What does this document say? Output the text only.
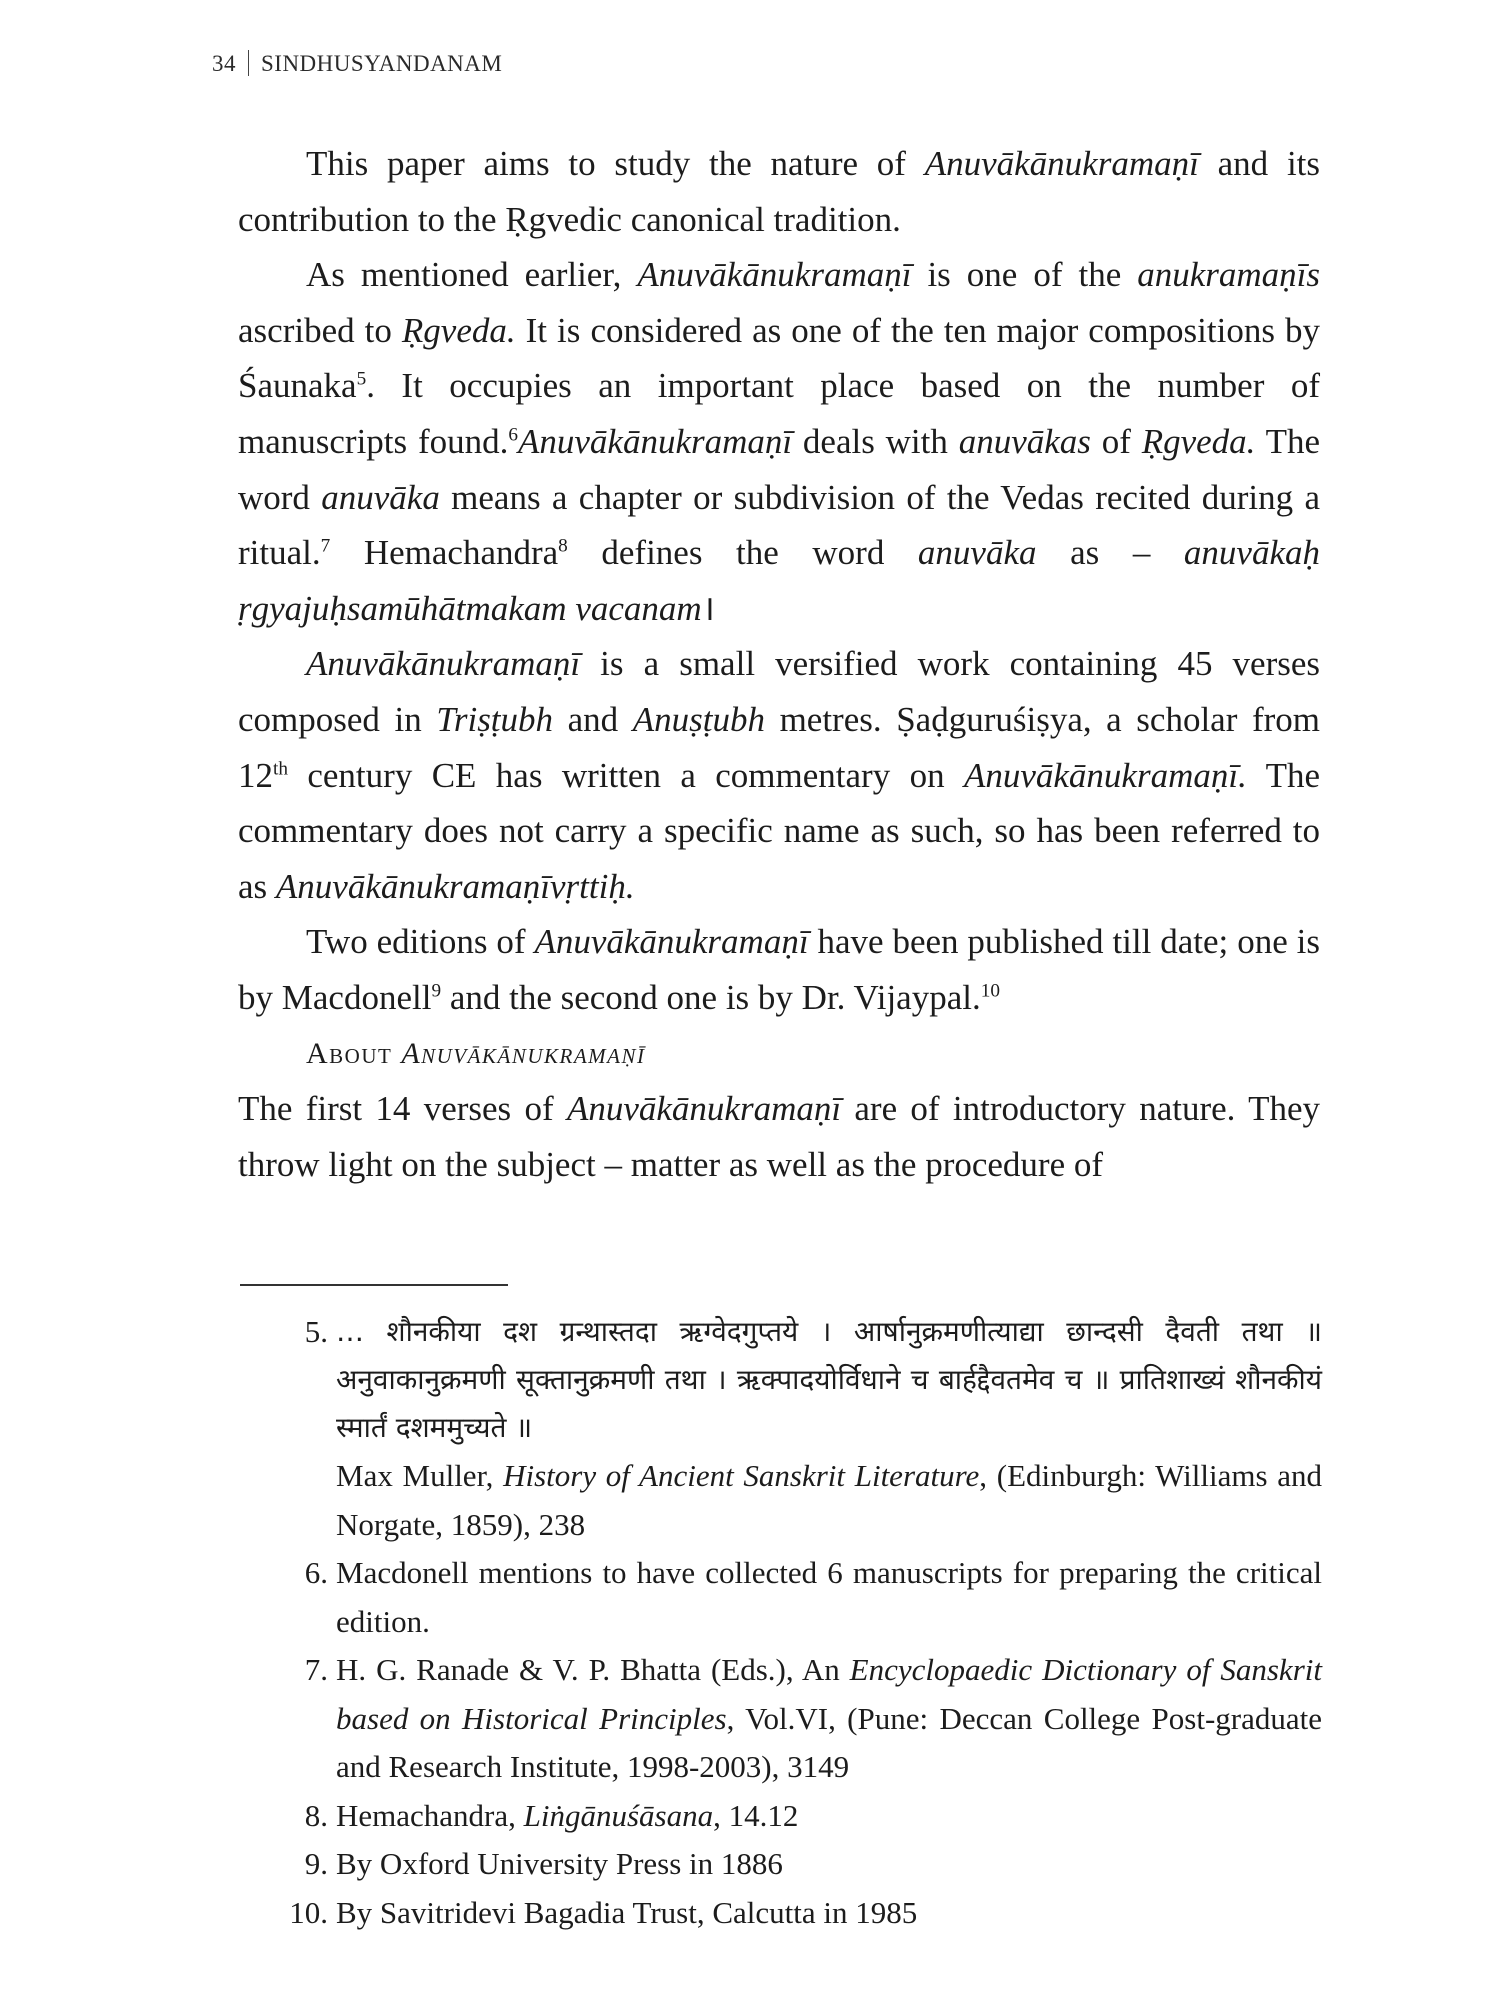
34 SINDHUSYANDANAM

This paper aims to study the nature of Anuvākānukramaṇī and its contribution to the Ṛgvedic canonical tradition.

As mentioned earlier, Anuvākānukramaṇī is one of the anukramaṇīs ascribed to Ṛgveda. It is considered as one of the ten major compositions by Śaunaka$^5$. It occupies an important place based on the number of manuscripts found.$^6$Anuvākānukramaṇī deals with anuvākas of Ṛgveda. The word anuvāka means a chapter or subdivision of the Vedas recited during a ritual.$^7$ Hemachandra$^8$ defines the word anuvāka as – anuvākaḥ ṛgyajuḥsamūhātmakam vacanam।

Anuvākānukramaṇī is a small versified work containing 45 verses composed in Triṣṭubh and Anuṣṭubh metres. Ṣaḍguruśiṣya, a scholar from 12th century CE has written a commentary on Anuvākānukramaṇī. The commentary does not carry a specific name as such, so has been referred to as Anuvākānukramaṇīvṛttiḥ.

Two editions of Anuvākānukramaṇī have been published till date; one is by Macdonell$^9$ and the second one is by Dr. Vijaypal.$^{10}$

About Anuvākānukramaṇī

The first 14 verses of Anuvākānukramaṇī are of introductory nature. They throw light on the subject – matter as well as the procedure of

5. … शौनकीया दश ग्रन्थास्तदा ऋग्वेदगुप्तये । आर्षानुक्रमणीत्याद्या छान्दसी दैवती तथा ॥ अनुवाकानुक्रमणी सूक्तानुक्रमणी तथा । ऋक्पादयोर्विधाने च बार्हद्दैवतमेव च ॥ प्रातिशाख्यं शौनकीयं स्मार्तं दशममुच्यते ॥
Max Muller, History of Ancient Sanskrit Literature, (Edinburgh: Williams and Norgate, 1859), 238
6. Macdonell mentions to have collected 6 manuscripts for preparing the critical edition.
7. H. G. Ranade & V. P. Bhatta (Eds.), An Encyclopaedic Dictionary of Sanskrit based on Historical Principles, Vol.VI, (Pune: Deccan College Post-graduate and Research Institute, 1998-2003), 3149
8. Hemachandra, Liṅgānuśāsana, 14.12
9. By Oxford University Press in 1886
10. By Savitridevi Bagadia Trust, Calcutta in 1985
